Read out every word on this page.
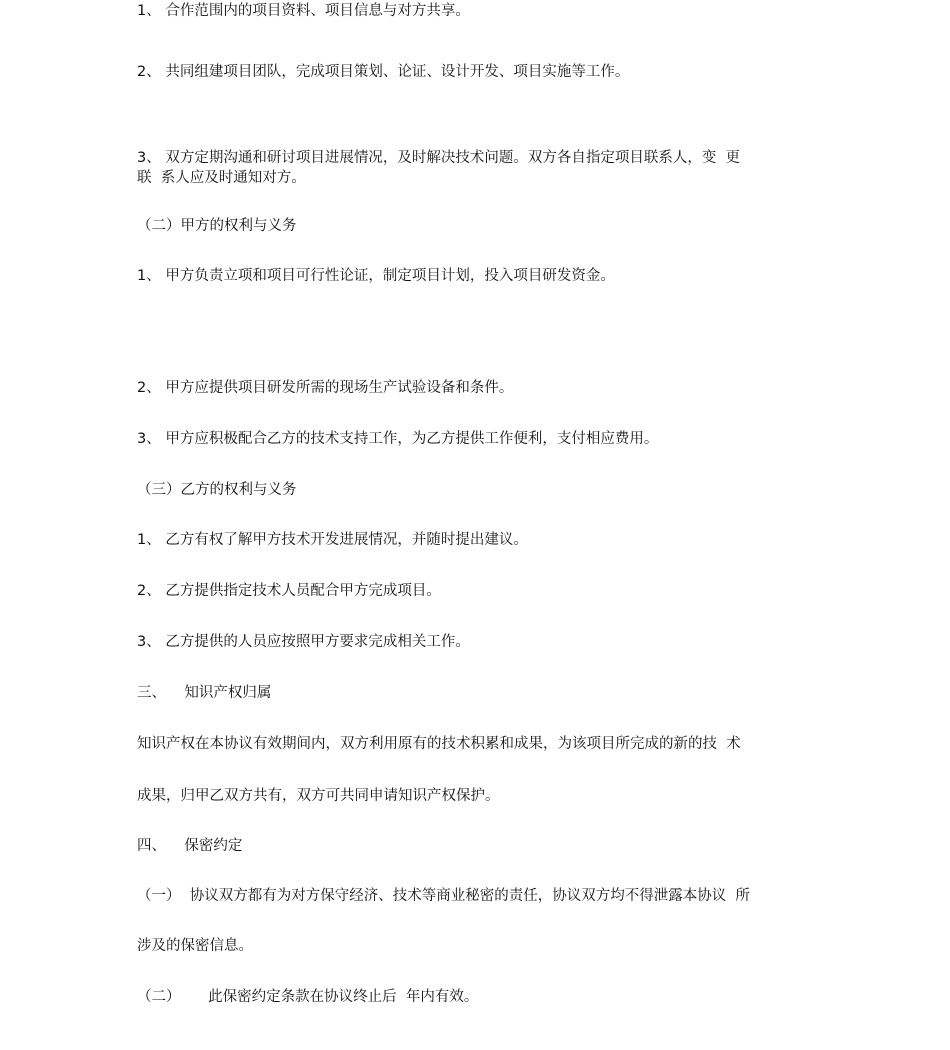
1、 合作范围内的项目资料、项目信息与对方共享。
2、 共同组建项目团队，完成项目策划、论证、设计开发、项目实施等工作。
3、 双方定期沟通和研讨项目进展情况，及时解决技术问题。双方各自指定项目联系人，变  更
联  系人应及时通知对方。
（二）甲方的权利与义务
1、 甲方负责立项和项目可行性论证，制定项目计划，投入项目研发资金。
2、 甲方应提供项目研发所需的现场生产试验设备和条件。
3、 甲方应积极配合乙方的技术支持工作，为乙方提供工作便利，支付相应费用。
（三）乙方的权利与义务
1、 乙方有权了解甲方技术开发进展情况，并随时提出建议。
2、 乙方提供指定技术人员配合甲方完成项目。
3、 乙方提供的人员应按照甲方要求完成相关工作。
三、    知识产权归属
知识产权在本协议有效期间内，双方利用原有的技术积累和成果，为该项目所完成的新的技  术
成果，归甲乙双方共有，双方可共同申请知识产权保护。
四、    保密约定
（一）  协议双方都有为对方保守经济、技术等商业秘密的责任，协议双方均不得泄露本协议  所
涉及的保密信息。
（二）      此保密约定条款在协议终止后  年内有效。
